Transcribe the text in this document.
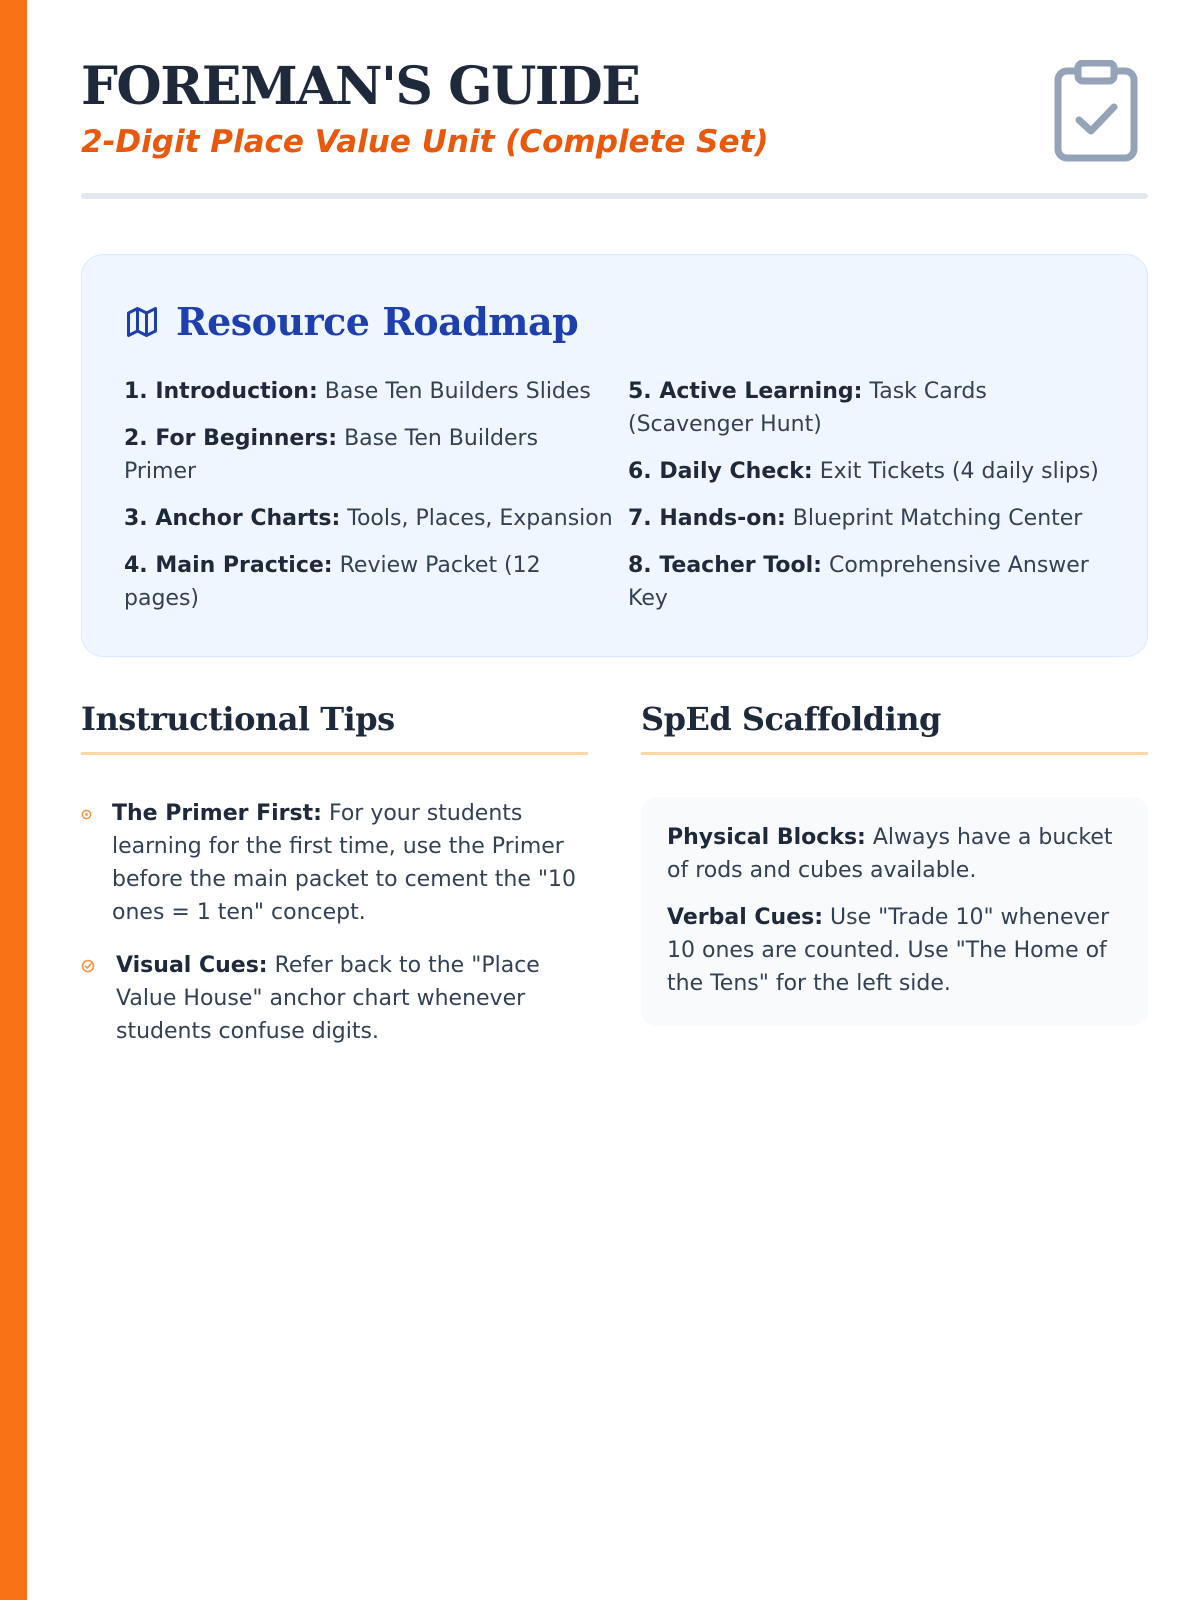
FOREMAN'S GUIDE
2-Digit Place Value Unit (Complete Set)
Resource Roadmap
1. Introduction: Base Ten Builders Slides
2. For Beginners: Base Ten Builders Primer
3. Anchor Charts: Tools, Places, Expansion
4. Main Practice: Review Packet (12 pages)
5. Active Learning: Task Cards (Scavenger Hunt)
6. Daily Check: Exit Tickets (4 daily slips)
7. Hands-on: Blueprint Matching Center
8. Teacher Tool: Comprehensive Answer Key
Instructional Tips
The Primer First: For your students learning for the first time, use the Primer before the main packet to cement the "10 ones = 1 ten" concept.
Visual Cues: Refer back to the "Place Value House" anchor chart whenever students confuse digits.
SpEd Scaffolding
Physical Blocks: Always have a bucket of rods and cubes available.
Verbal Cues: Use "Trade 10" whenever 10 ones are counted. Use "The Home of the Tens" for the left side.
